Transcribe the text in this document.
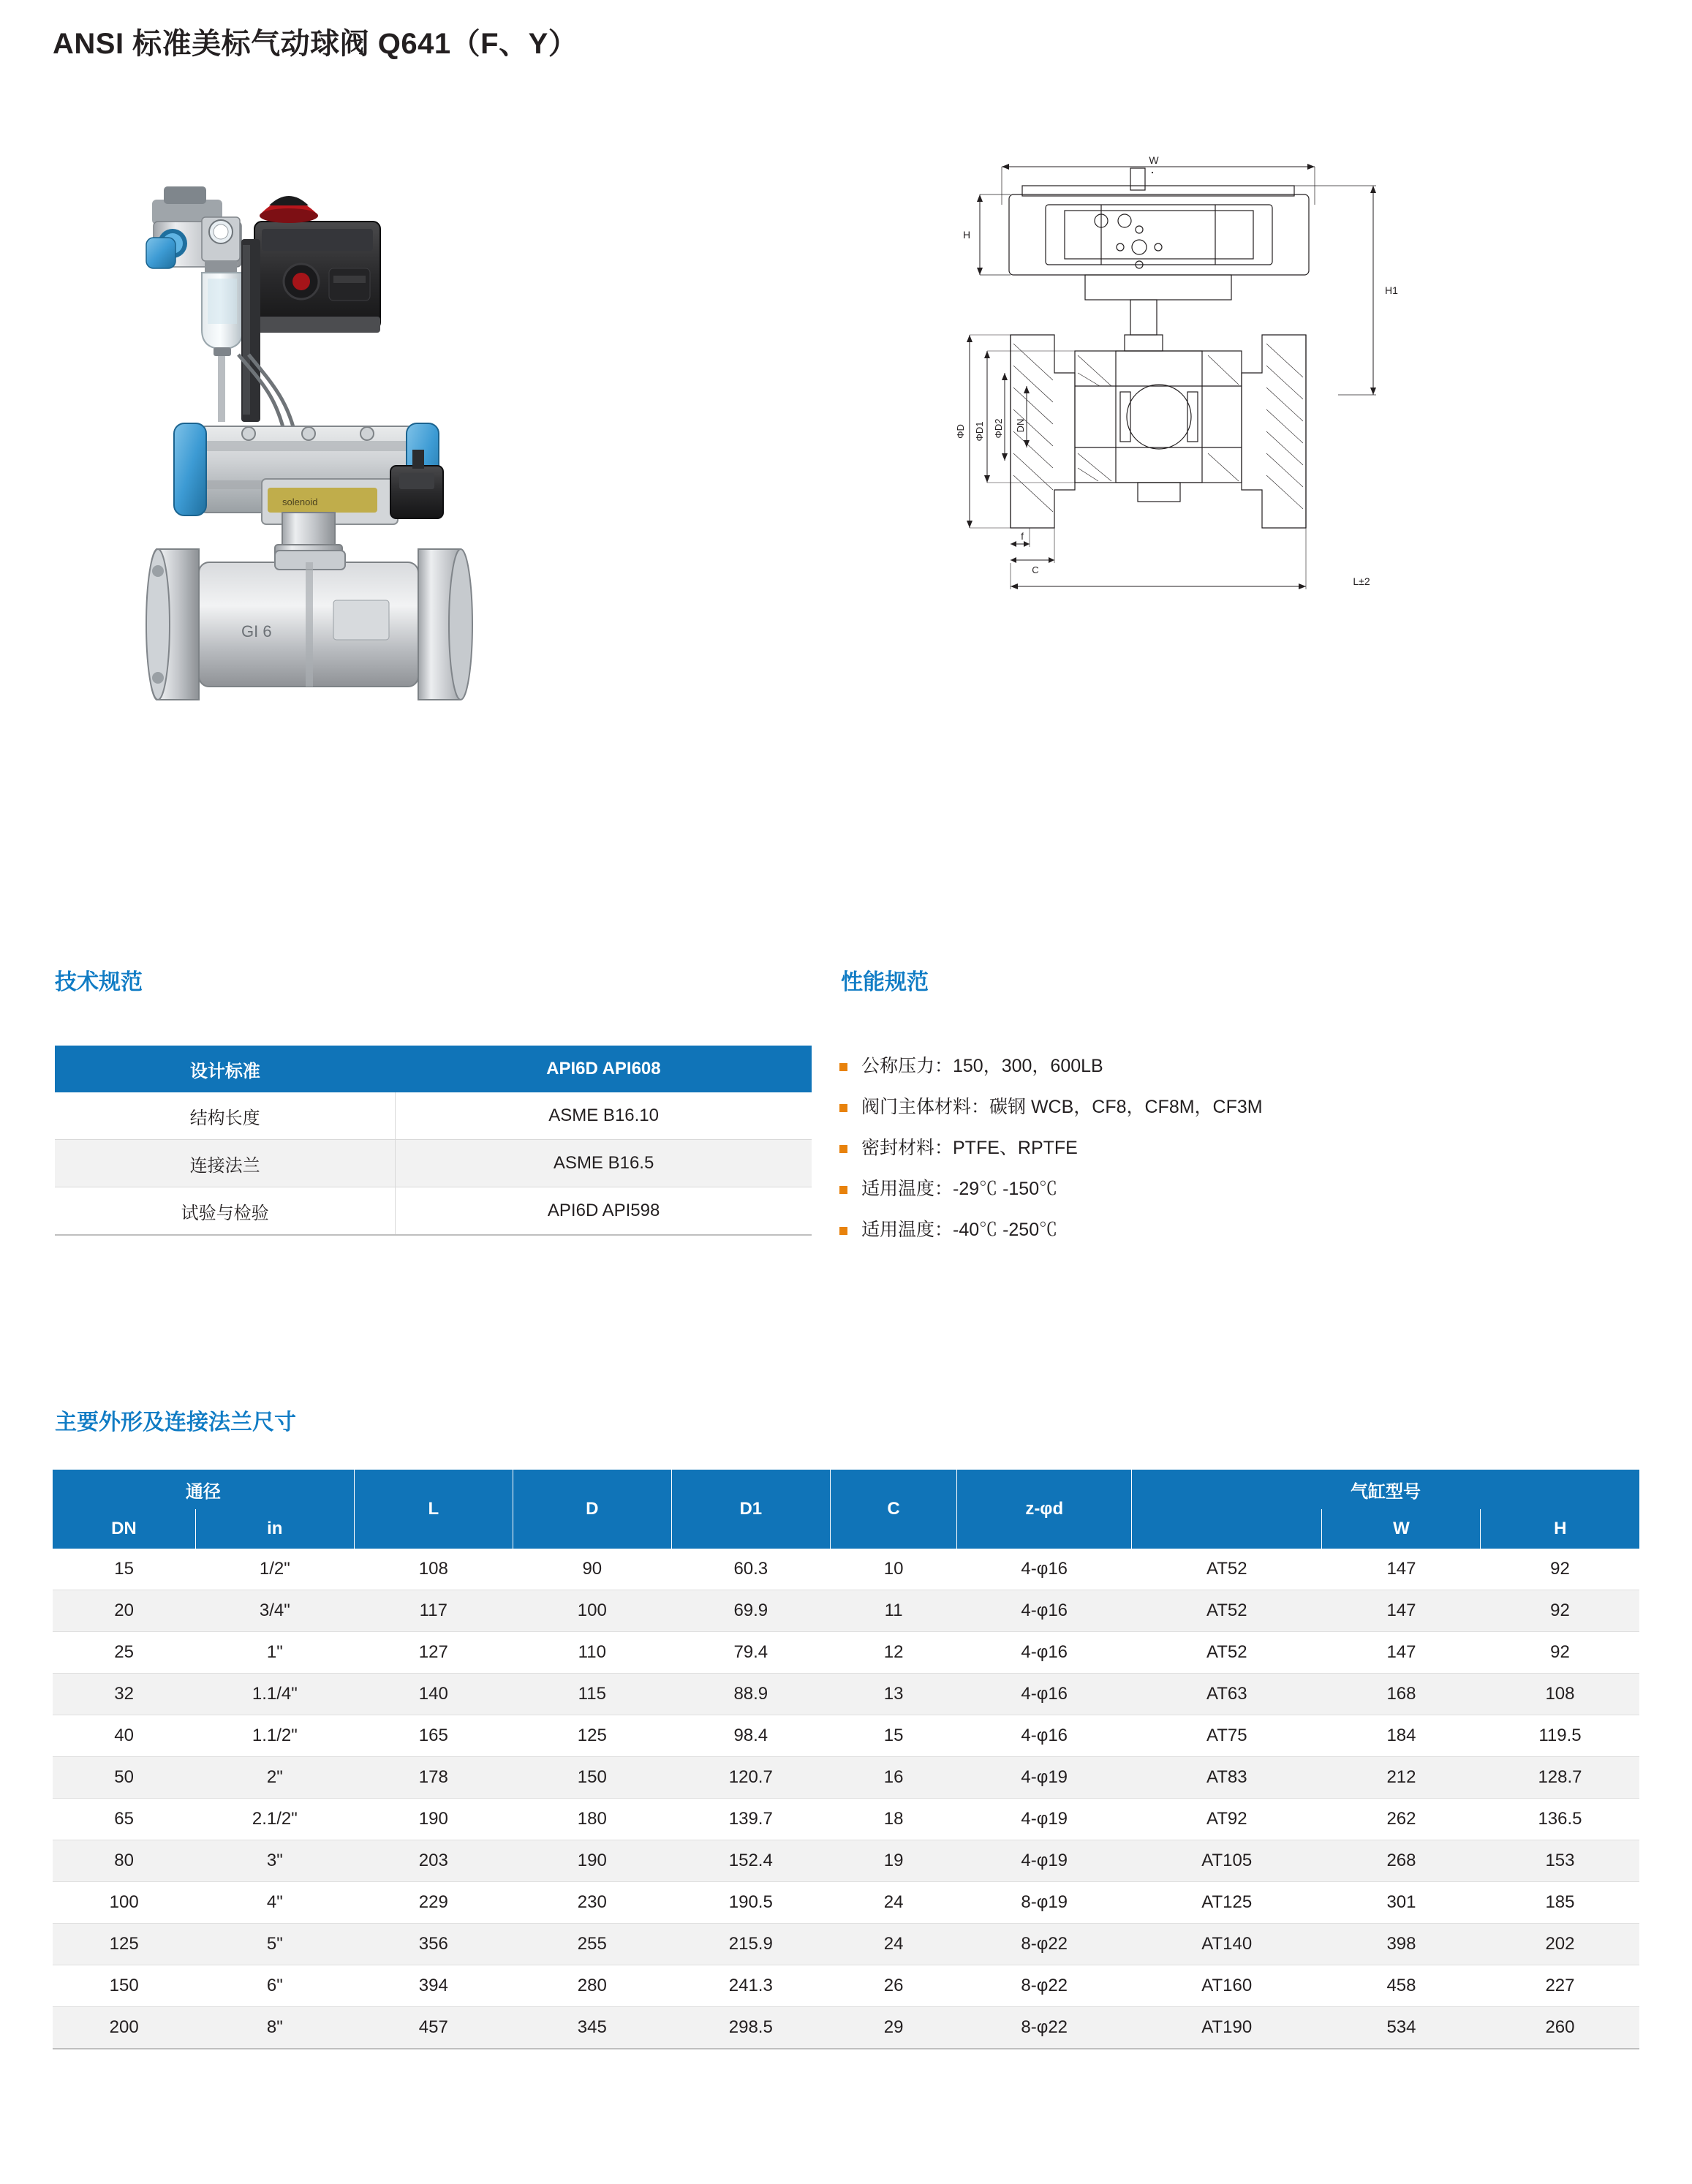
ANSI 标准美标气动球阀 Q641（F、Y）
solenoid
GI 6
W
H
H1
L±2
f
C
ΦD ΦD1 ΦD2 DN
技术规范
设计标准	API6D API608
结构长度	ASME B16.10
连接法兰	ASME B16.5
试验与检验	API6D API598
性能规范
公称压力：150，300，600LB
阀门主体材料：碳钢 WCB，CF8，CF8M，CF3M
密封材料：PTFE、RPTFE
适用温度：-29℃ -150℃
适用温度：-40℃ -250℃
主要外形及连接法兰尺寸
通径		L	D	D1	C	z-φd	气缸型号		
DN	in							W	H
15	1/2"	108	90	60.3	10	4-φ16	AT52	147	92
20	3/4"	117	100	69.9	11	4-φ16	AT52	147	92
25	1"	127	110	79.4	12	4-φ16	AT52	147	92
32	1.1/4"	140	115	88.9	13	4-φ16	AT63	168	108
40	1.1/2"	165	125	98.4	15	4-φ16	AT75	184	119.5
50	2"	178	150	120.7	16	4-φ19	AT83	212	128.7
65	2.1/2"	190	180	139.7	18	4-φ19	AT92	262	136.5
80	3"	203	190	152.4	19	4-φ19	AT105	268	153
100	4"	229	230	190.5	24	8-φ19	AT125	301	185
125	5"	356	255	215.9	24	8-φ22	AT140	398	202
150	6"	394	280	241.3	26	8-φ22	AT160	458	227
200	8"	457	345	298.5	29	8-φ22	AT190	534	260
